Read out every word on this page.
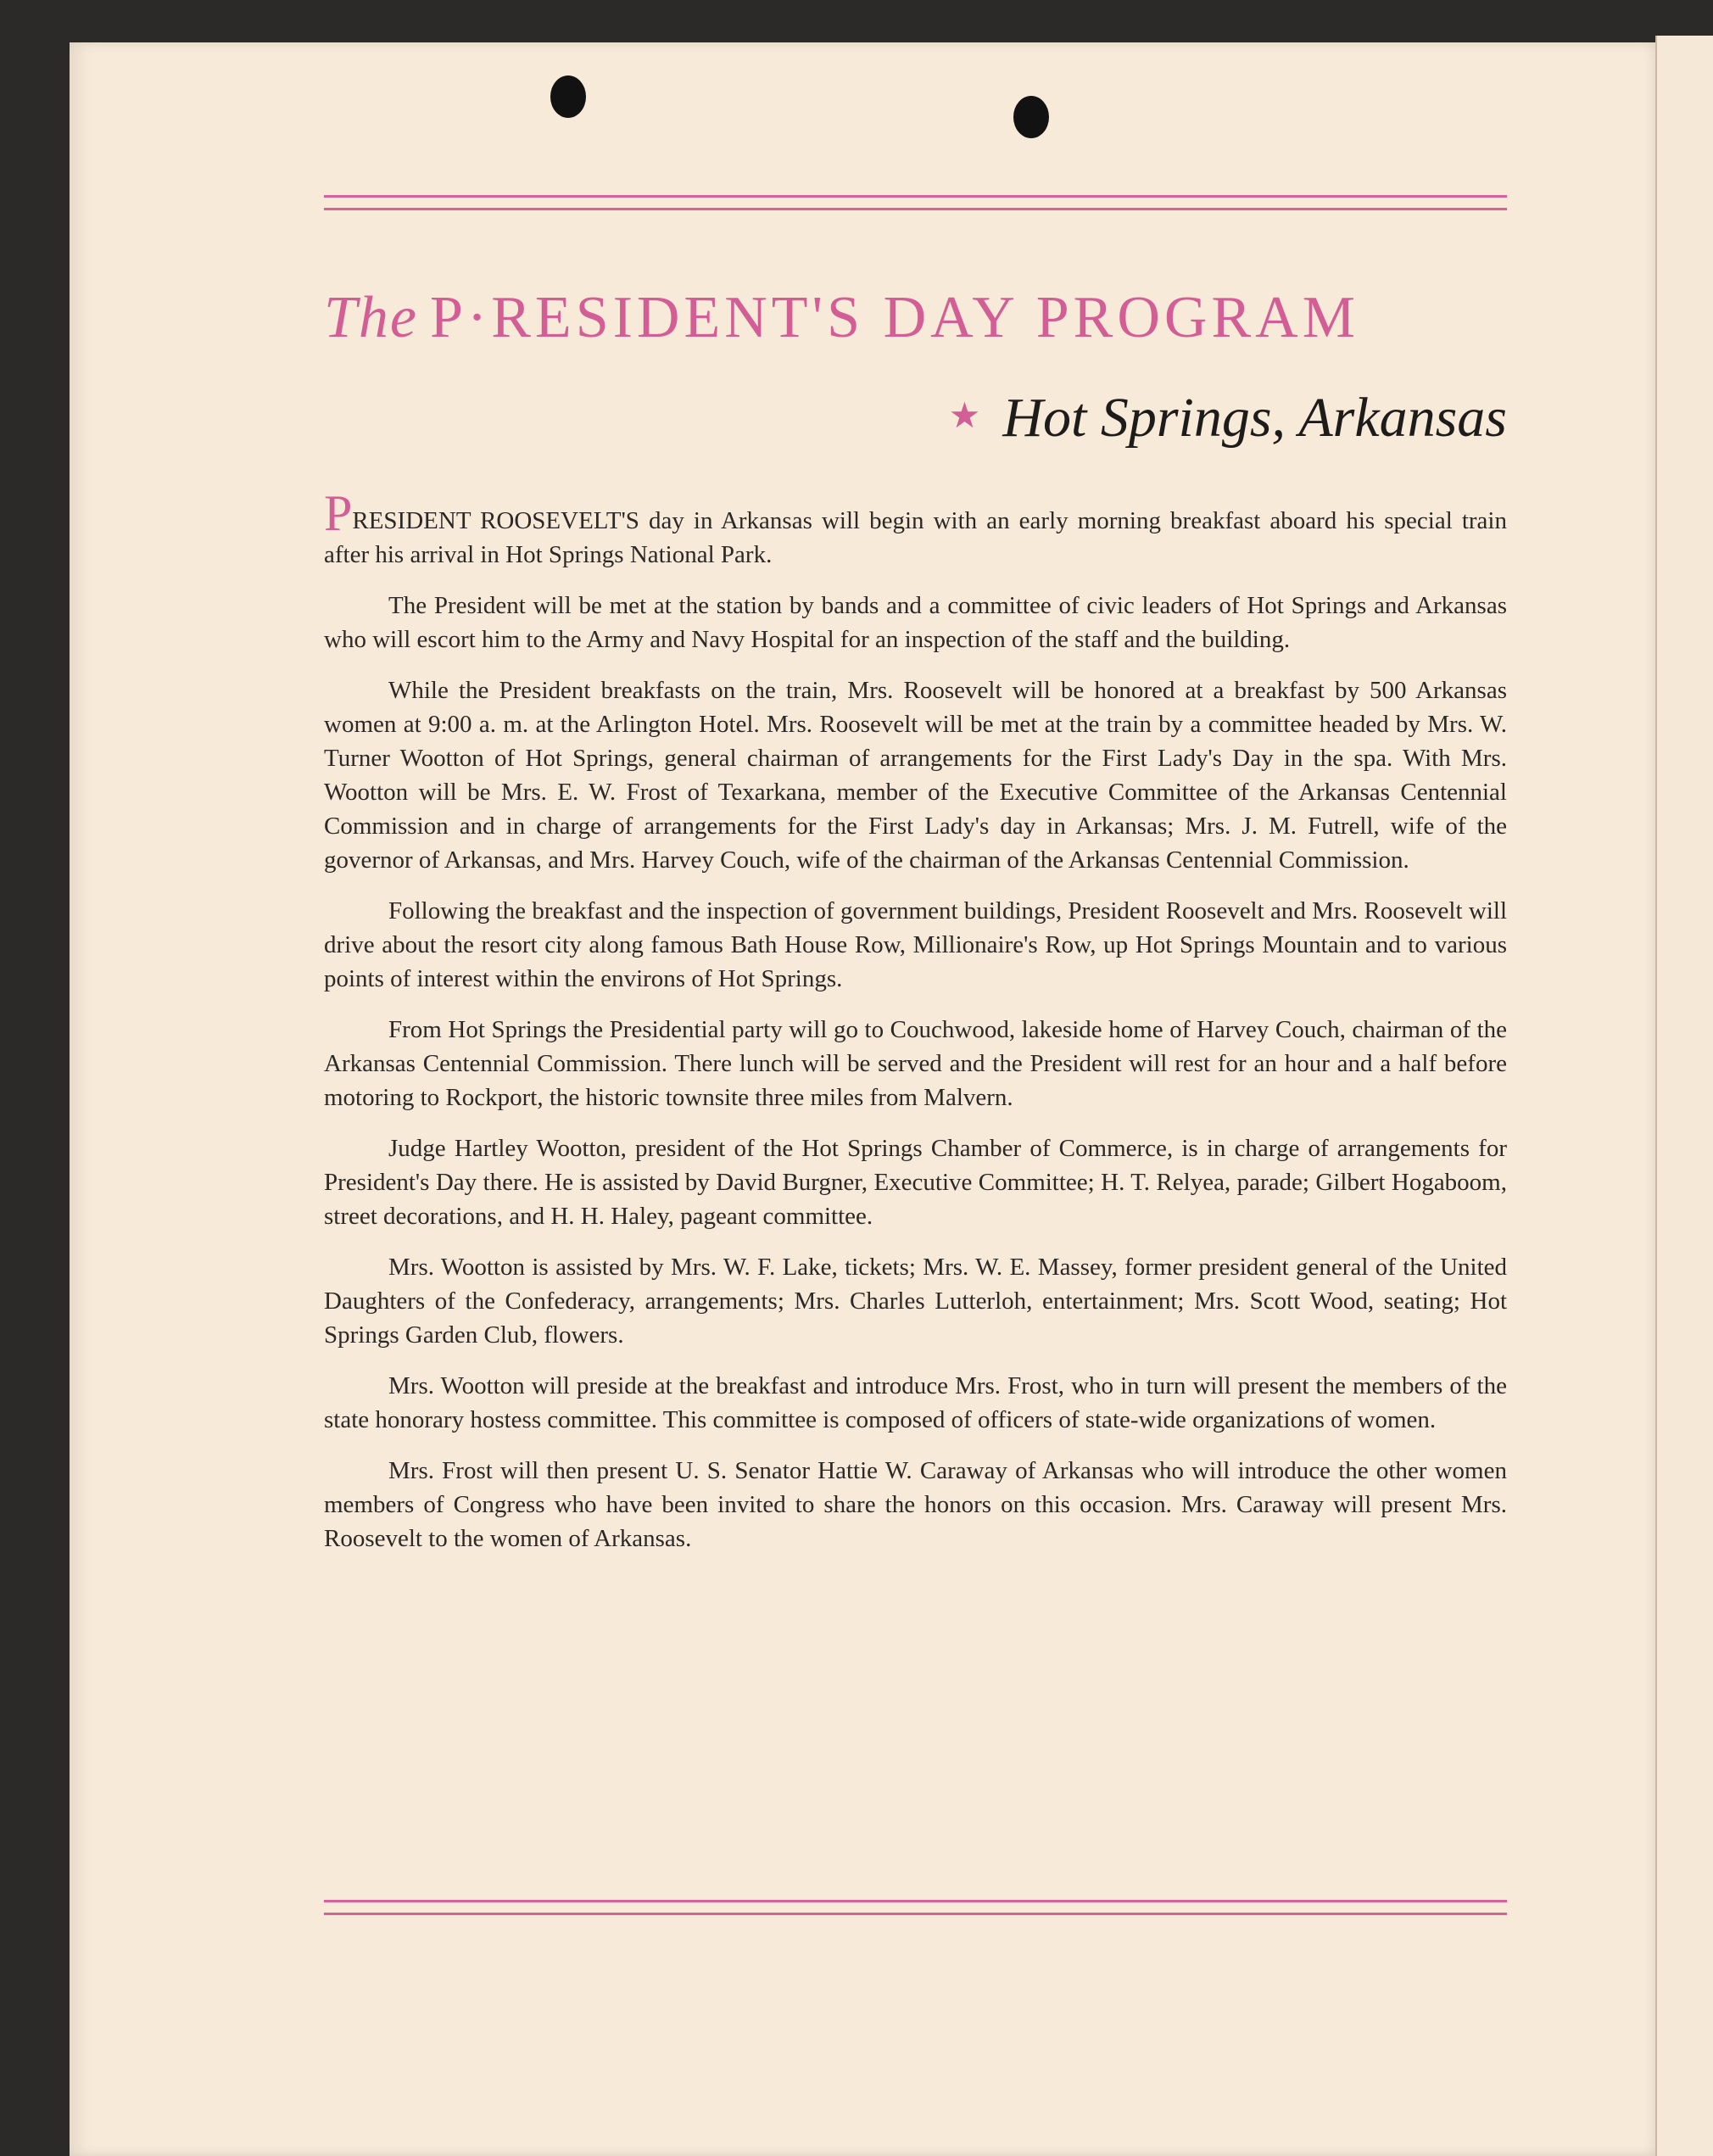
The P·RESIDENT'S DAY PROGRAM
★ Hot Springs, Arkansas

PRESIDENT ROOSEVELT'S day in Arkansas will begin with an early morning breakfast aboard his special train after his arrival in Hot Springs National Park.

The President will be met at the station by bands and a committee of civic leaders of Hot Springs and Arkansas who will escort him to the Army and Navy Hospital for an inspection of the staff and the building.

While the President breakfasts on the train, Mrs. Roosevelt will be honored at a breakfast by 500 Arkansas women at 9:00 a. m. at the Arlington Hotel. Mrs. Roosevelt will be met at the train by a committee headed by Mrs. W. Turner Wootton of Hot Springs, general chairman of arrangements for the First Lady's Day in the spa. With Mrs. Wootton will be Mrs. E. W. Frost of Texarkana, member of the Executive Committee of the Arkansas Centennial Commission and in charge of arrangements for the First Lady's day in Arkansas; Mrs. J. M. Futrell, wife of the governor of Arkansas, and Mrs. Harvey Couch, wife of the chairman of the Arkansas Centennial Commission.

Following the breakfast and the inspection of government buildings, President Roosevelt and Mrs. Roosevelt will drive about the resort city along famous Bath House Row, Millionaire's Row, up Hot Springs Mountain and to various points of interest within the environs of Hot Springs.

From Hot Springs the Presidential party will go to Couchwood, lakeside home of Harvey Couch, chairman of the Arkansas Centennial Commission. There lunch will be served and the President will rest for an hour and a half before motoring to Rockport, the historic townsite three miles from Malvern.

Judge Hartley Wootton, president of the Hot Springs Chamber of Commerce, is in charge of arrangements for President's Day there. He is assisted by David Burgner, Executive Committee; H. T. Relyea, parade; Gilbert Hogaboom, street decorations, and H. H. Haley, pageant committee.

Mrs. Wootton is assisted by Mrs. W. F. Lake, tickets; Mrs. W. E. Massey, former president general of the United Daughters of the Confederacy, arrangements; Mrs. Charles Lutterloh, entertainment; Mrs. Scott Wood, seating; Hot Springs Garden Club, flowers.

Mrs. Wootton will preside at the breakfast and introduce Mrs. Frost, who in turn will present the members of the state honorary hostess committee. This committee is composed of officers of state-wide organizations of women.

Mrs. Frost will then present U. S. Senator Hattie W. Caraway of Arkansas who will introduce the other women members of Congress who have been invited to share the honors on this occasion. Mrs. Caraway will present Mrs. Roosevelt to the women of Arkansas.
